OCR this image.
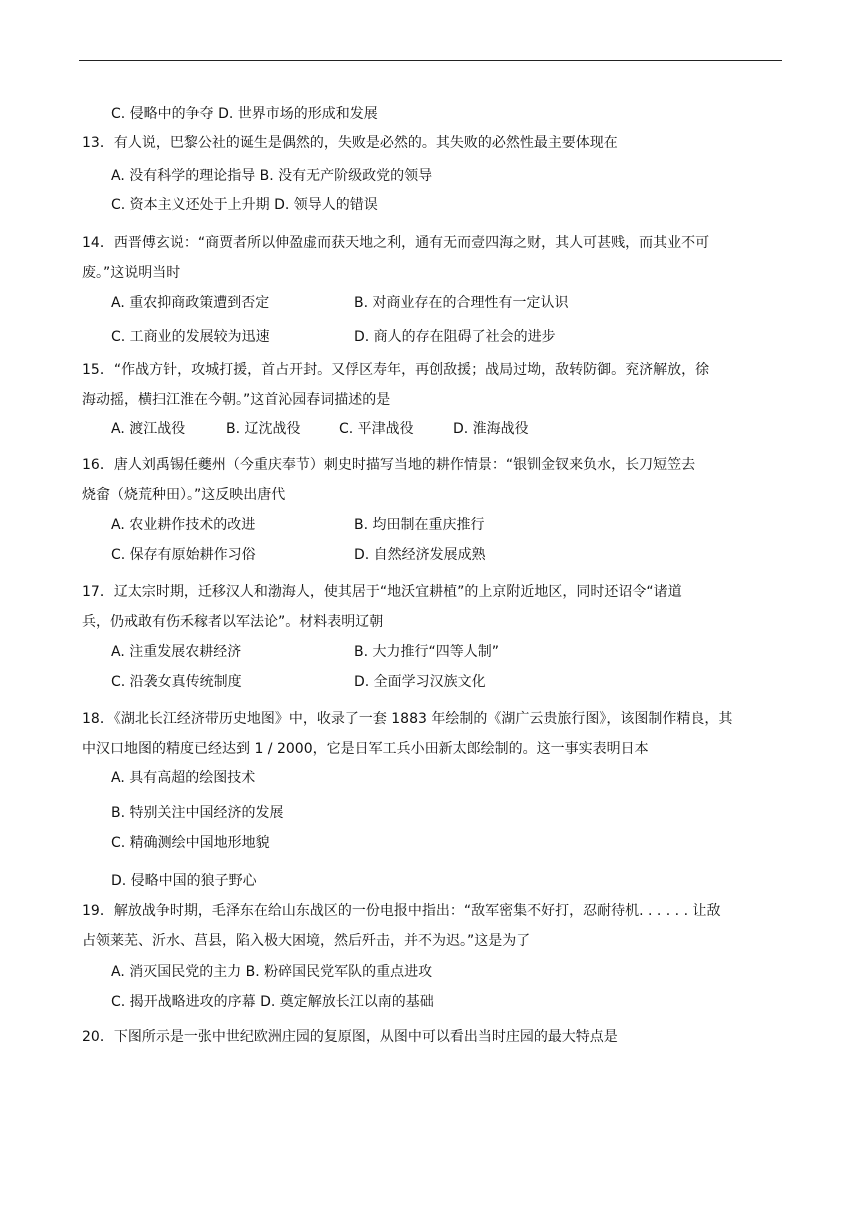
C. 侵略中的争夺 D. 世界市场的形成和发展
13．有人说，巴黎公社的诞生是偶然的，失败是必然的。其失败的必然性最主要体现在
A. 没有科学的理论指导 B. 没有无产阶级政党的领导
C. 资本主义还处于上升期 D. 领导人的错误
14．西晋傅玄说：“商贾者所以伸盈虚而获天地之利，通有无而壹四海之财，其人可甚贱，而其业不可
废。”这说明当时
A. 重农抑商政策遭到否定	B. 对商业存在的合理性有一定认识
C. 工商业的发展较为迅速	D. 商人的存在阻碍了社会的进步
15．“作战方针，攻城打援，首占开封。又俘区寿年，再创敌援；战局过坳，敌转防御。兖济解放，徐
海动摇，横扫江淮在今朝。”这首沁园春词描述的是
A. 渡江战役	B. 辽沈战役	C. 平津战役	D. 淮海战役
16．唐人刘禹锡任夔州（今重庆奉节）刺史时描写当地的耕作情景：“银钏金钗来负水，长刀短笠去
烧畲（烧荒种田）。”这反映出唐代
A. 农业耕作技术的改进	B. 均田制在重庆推行
C. 保存有原始耕作习俗	D. 自然经济发展成熟
17．辽太宗时期，迁移汉人和渤海人，使其居于“地沃宜耕植”的上京附近地区，同时还诏令“诸道
兵，仍戒敢有伤禾稼者以军法论”。材料表明辽朝
A. 注重发展农耕经济	B. 大力推行“四等人制”
C. 沿袭女真传统制度	D. 全面学习汉族文化
18．《湖北长江经济带历史地图》中，收录了一套 1883 年绘制的《湖广云贵旅行图》，该图制作精良，其
中汉口地图的精度已经达到 1 / 2000，它是日军工兵小田新太郎绘制的。这一事实表明日本
A. 具有高超的绘图技术
B. 特别关注中国经济的发展
C. 精确测绘中国地形地貌
D. 侵略中国的狼子野心
19．解放战争时期，毛泽东在给山东战区的一份电报中指出：“敌军密集不好打，忍耐待机. . . . . . 让敌
占领莱芜、沂水、莒县，陷入极大困境，然后歼击，并不为迟。”这是为了
A. 消灭国民党的主力 B. 粉碎国民党军队的重点进攻
C. 揭开战略进攻的序幕 D. 奠定解放长江以南的基础
20．下图所示是一张中世纪欧洲庄园的复原图，从图中可以看出当时庄园的最大特点是
